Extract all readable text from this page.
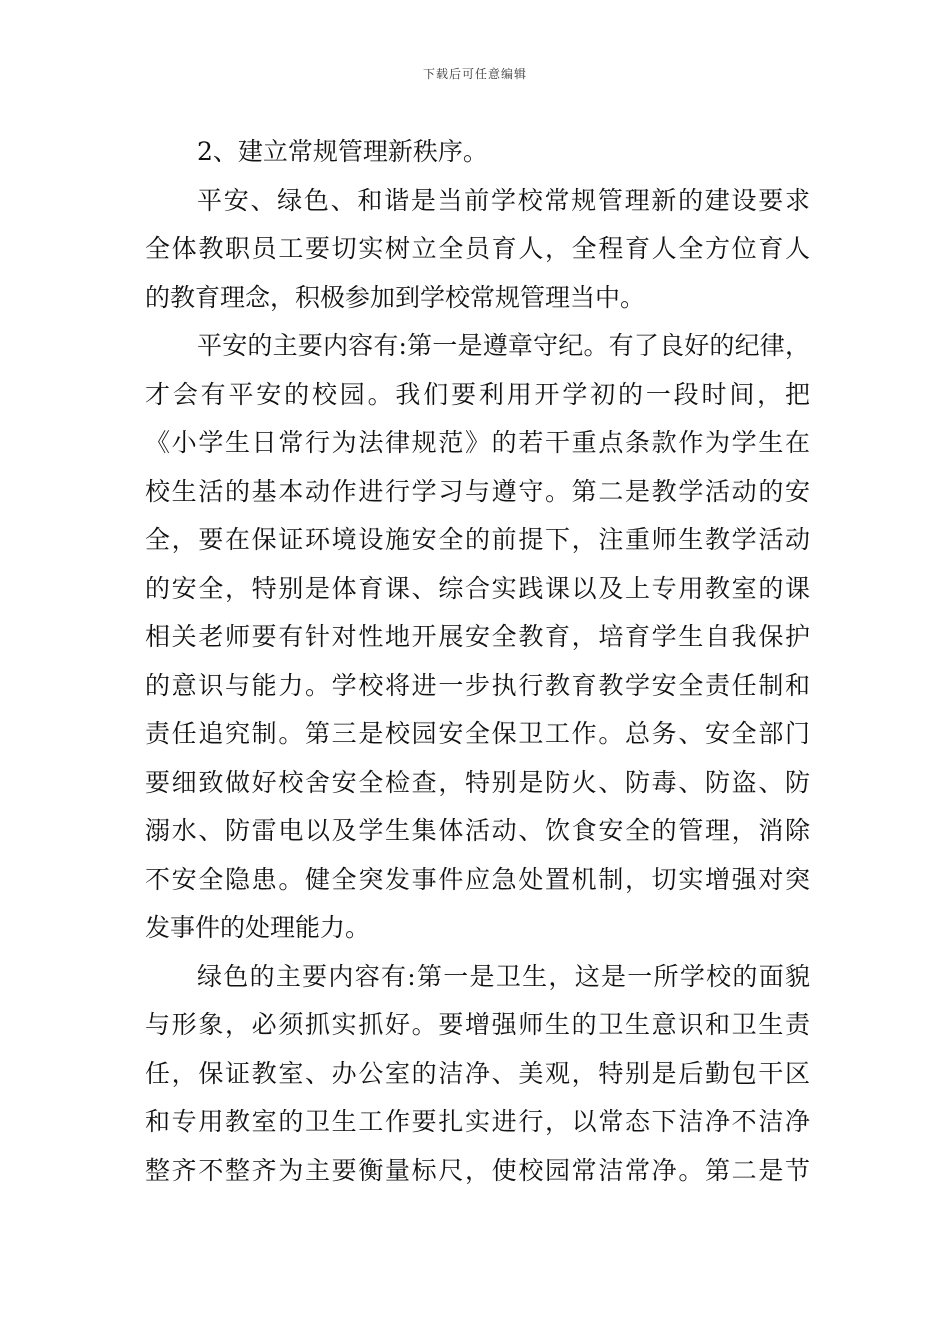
下载后可任意编辑
2、建立常规管理新秩序。
平安、绿色、和谐是当前学校常规管理新的建设要求
全体教职员工要切实树立全员育人，全程育人全方位育人
的教育理念，积极参加到学校常规管理当中。
平安的主要内容有:第一是遵章守纪。有了良好的纪律，
才会有平安的校园。我们要利用开学初的一段时间，把
《小学生日常行为法律规范》的若干重点条款作为学生在
校生活的基本动作进行学习与遵守。第二是教学活动的安
全，要在保证环境设施安全的前提下，注重师生教学活动
的安全，特别是体育课、综合实践课以及上专用教室的课
相关老师要有针对性地开展安全教育，培育学生自我保护
的意识与能力。学校将进一步执行教育教学安全责任制和
责任追究制。第三是校园安全保卫工作。总务、安全部门
要细致做好校舍安全检查，特别是防火、防毒、防盗、防
溺水、防雷电以及学生集体活动、饮食安全的管理，消除
不安全隐患。健全突发事件应急处置机制，切实增强对突
发事件的处理能力。
绿色的主要内容有:第一是卫生，这是一所学校的面貌
与形象，必须抓实抓好。要增强师生的卫生意识和卫生责
任，保证教室、办公室的洁净、美观，特别是后勤包干区
和专用教室的卫生工作要扎实进行，以常态下洁净不洁净
整齐不整齐为主要衡量标尺，使校园常洁常净。第二是节
